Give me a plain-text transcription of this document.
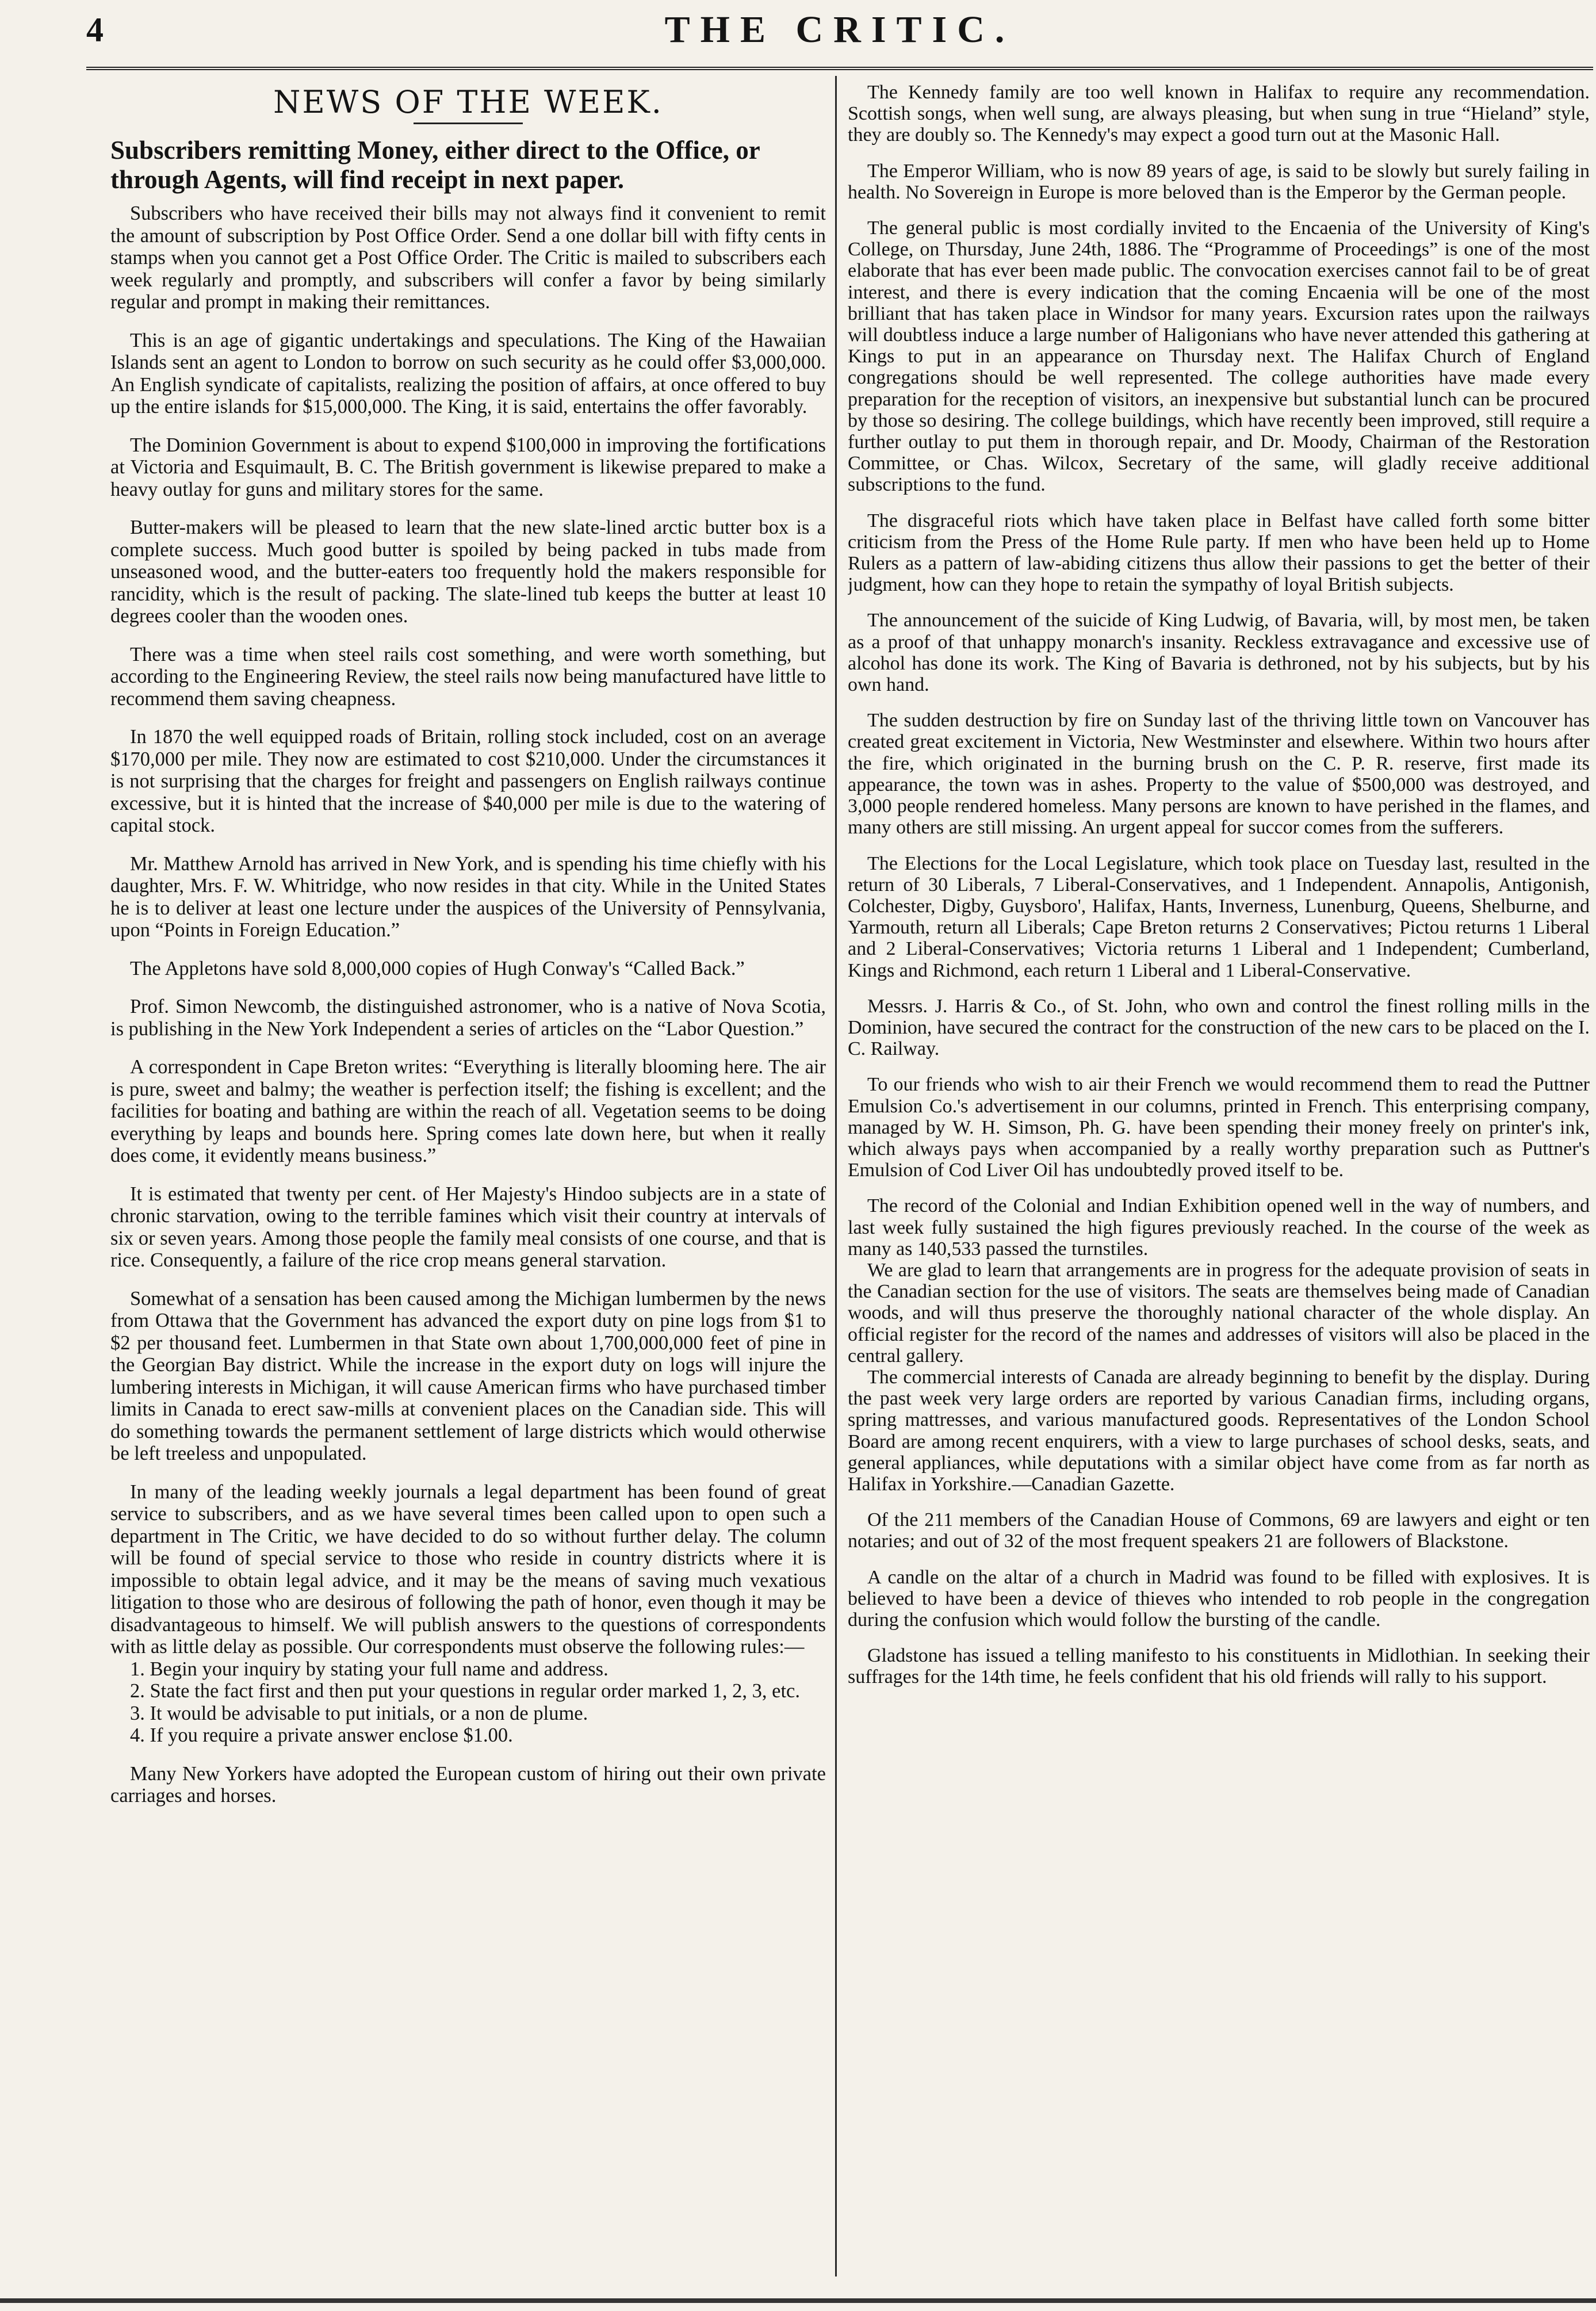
4	THE CRITIC.
NEWS OF THE WEEK.
Subscribers remitting Money, either direct to the Office, or through Agents, will find receipt in next paper.

Subscribers who have received their bills may not always find it convenient to remit the amount of subscription by Post Office Order. Send a one dollar bill with fifty cents in stamps when you cannot get a Post Office Order. The Critic is mailed to subscribers each week regularly and promptly, and subscribers will confer a favor by being similarly regular and prompt in making their remittances.

This is an age of gigantic undertakings and speculations. The King of the Hawaiian Islands sent an agent to London to borrow on such security as he could offer $3,000,000. An English syndicate of capitalists, realizing the position of affairs, at once offered to buy up the entire islands for $15,000,000. The King, it is said, entertains the offer favorably.

The Dominion Government is about to expend $100,000 in improving the fortifications at Victoria and Esquimault, B. C. The British government is likewise prepared to make a heavy outlay for guns and military stores for the same.

Butter-makers will be pleased to learn that the new slate-lined arctic butter box is a complete success. Much good butter is spoiled by being packed in tubs made from unseasoned wood, and the butter-eaters too frequently hold the makers responsible for rancidity, which is the result of packing. The slate-lined tub keeps the butter at least 10 degrees cooler than the wooden ones.

There was a time when steel rails cost something, and were worth something, but according to the Engineering Review, the steel rails now being manufactured have little to recommend them saving cheapness.

In 1870 the well equipped roads of Britain, rolling stock included, cost on an average $170,000 per mile. They now are estimated to cost $210,000. Under the circumstances it is not surprising that the charges for freight and passengers on English railways continue excessive, but it is hinted that the increase of $40,000 per mile is due to the watering of capital stock.

Mr. Matthew Arnold has arrived in New York, and is spending his time chiefly with his daughter, Mrs. F. W. Whitridge, who now resides in that city. While in the United States he is to deliver at least one lecture under the auspices of the University of Pennsylvania, upon “Points in Foreign Education.”

The Appletons have sold 8,000,000 copies of Hugh Conway's “Called Back.”

Prof. Simon Newcomb, the distinguished astronomer, who is a native of Nova Scotia, is publishing in the New York Independent a series of articles on the “Labor Question.”

A correspondent in Cape Breton writes: “Everything is literally blooming here. The air is pure, sweet and balmy; the weather is perfection itself; the fishing is excellent; and the facilities for boating and bathing are within the reach of all. Vegetation seems to be doing everything by leaps and bounds here. Spring comes late down here, but when it really does come, it evidently means business.”

It is estimated that twenty per cent. of Her Majesty's Hindoo subjects are in a state of chronic starvation, owing to the terrible famines which visit their country at intervals of six or seven years. Among those people the family meal consists of one course, and that is rice. Consequently, a failure of the rice crop means general starvation.

Somewhat of a sensation has been caused among the Michigan lumbermen by the news from Ottawa that the Government has advanced the export duty on pine logs from $1 to $2 per thousand feet. Lumbermen in that State own about 1,700,000,000 feet of pine in the Georgian Bay district. While the increase in the export duty on logs will injure the lumbering interests in Michigan, it will cause American firms who have purchased timber limits in Canada to erect saw-mills at convenient places on the Canadian side. This will do something towards the permanent settlement of large districts which would otherwise be left treeless and unpopulated.

In many of the leading weekly journals a legal department has been found of great service to subscribers, and as we have several times been called upon to open such a department in The Critic, we have decided to do so without further delay. The column will be found of special service to those who reside in country districts where it is impossible to obtain legal advice, and it may be the means of saving much vexatious litigation to those who are desirous of following the path of honor, even though it may be disadvantageous to himself. We will publish answers to the questions of correspondents with as little delay as possible. Our correspondents must observe the following rules:—

1. Begin your inquiry by stating your full name and address.
2. State the fact first and then put your questions in regular order marked 1, 2, 3, etc.
3. It would be advisable to put initials, or a non de plume.
4. If you require a private answer enclose $1.00.

Many New Yorkers have adopted the European custom of hiring out their own private carriages and horses.

The Kennedy family are too well known in Halifax to require any recommendation. Scottish songs, when well sung, are always pleasing, but when sung in true “Hieland” style, they are doubly so. The Kennedy's may expect a good turn out at the Masonic Hall.

The Emperor William, who is now 89 years of age, is said to be slowly but surely failing in health. No Sovereign in Europe is more beloved than is the Emperor by the German people.

The general public is most cordially invited to the Encaenia of the University of King's College, on Thursday, June 24th, 1886. The “Programme of Proceedings” is one of the most elaborate that has ever been made public. The convocation exercises cannot fail to be of great interest, and there is every indication that the coming Encaenia will be one of the most brilliant that has taken place in Windsor for many years. Excursion rates upon the railways will doubtless induce a large number of Haligonians who have never attended this gathering at Kings to put in an appearance on Thursday next. The Halifax Church of England congregations should be well represented. The college authorities have made every preparation for the reception of visitors, an inexpensive but substantial lunch can be procured by those so desiring. The college buildings, which have recently been improved, still require a further outlay to put them in thorough repair, and Dr. Moody, Chairman of the Restoration Committee, or Chas. Wilcox, Secretary of the same, will gladly receive additional subscriptions to the fund.

The disgraceful riots which have taken place in Belfast have called forth some bitter criticism from the Press of the Home Rule party. If men who have been held up to Home Rulers as a pattern of law-abiding citizens thus allow their passions to get the better of their judgment, how can they hope to retain the sympathy of loyal British subjects.

The announcement of the suicide of King Ludwig, of Bavaria, will, by most men, be taken as a proof of that unhappy monarch's insanity. Reckless extravagance and excessive use of alcohol has done its work. The King of Bavaria is dethroned, not by his subjects, but by his own hand.

The sudden destruction by fire on Sunday last of the thriving little town on Vancouver has created great excitement in Victoria, New Westminster and elsewhere. Within two hours after the fire, which originated in the burning brush on the C. P. R. reserve, first made its appearance, the town was in ashes. Property to the value of $500,000 was destroyed, and 3,000 people rendered homeless. Many persons are known to have perished in the flames, and many others are still missing. An urgent appeal for succor comes from the sufferers.

The Elections for the Local Legislature, which took place on Tuesday last, resulted in the return of 30 Liberals, 7 Liberal-Conservatives, and 1 Independent. Annapolis, Antigonish, Colchester, Digby, Guysboro', Halifax, Hants, Inverness, Lunenburg, Queens, Shelburne, and Yarmouth, return all Liberals; Cape Breton returns 2 Conservatives; Pictou returns 1 Liberal and 2 Liberal-Conservatives; Victoria returns 1 Liberal and 1 Independent; Cumberland, Kings and Richmond, each return 1 Liberal and 1 Liberal-Conservative.

Messrs. J. Harris & Co., of St. John, who own and control the finest rolling mills in the Dominion, have secured the contract for the construction of the new cars to be placed on the I. C. Railway.

To our friends who wish to air their French we would recommend them to read the Puttner Emulsion Co.'s advertisement in our columns, printed in French. This enterprising company, managed by W. H. Simson, Ph. G. have been spending their money freely on printer's ink, which always pays when accompanied by a really worthy preparation such as Puttner's Emulsion of Cod Liver Oil has undoubtedly proved itself to be.

The record of the Colonial and Indian Exhibition opened well in the way of numbers, and last week fully sustained the high figures previously reached. In the course of the week as many as 140,533 passed the turnstiles.

We are glad to learn that arrangements are in progress for the adequate provision of seats in the Canadian section for the use of visitors. The seats are themselves being made of Canadian woods, and will thus preserve the thoroughly national character of the whole display. An official register for the record of the names and addresses of visitors will also be placed in the central gallery.

The commercial interests of Canada are already beginning to benefit by the display. During the past week very large orders are reported by various Canadian firms, including organs, spring mattresses, and various manufactured goods. Representatives of the London School Board are among recent enquirers, with a view to large purchases of school desks, seats, and general appliances, while deputations with a similar object have come from as far north as Halifax in Yorkshire.—Canadian Gazette.

Of the 211 members of the Canadian House of Commons, 69 are lawyers and eight or ten notaries; and out of 32 of the most frequent speakers 21 are followers of Blackstone.

A candle on the altar of a church in Madrid was found to be filled with explosives. It is believed to have been a device of thieves who intended to rob people in the congregation during the confusion which would follow the bursting of the candle.

Gladstone has issued a telling manifesto to his constituents in Midlothian. In seeking their suffrages for the 14th time, he feels confident that his old friends will rally to his support.
